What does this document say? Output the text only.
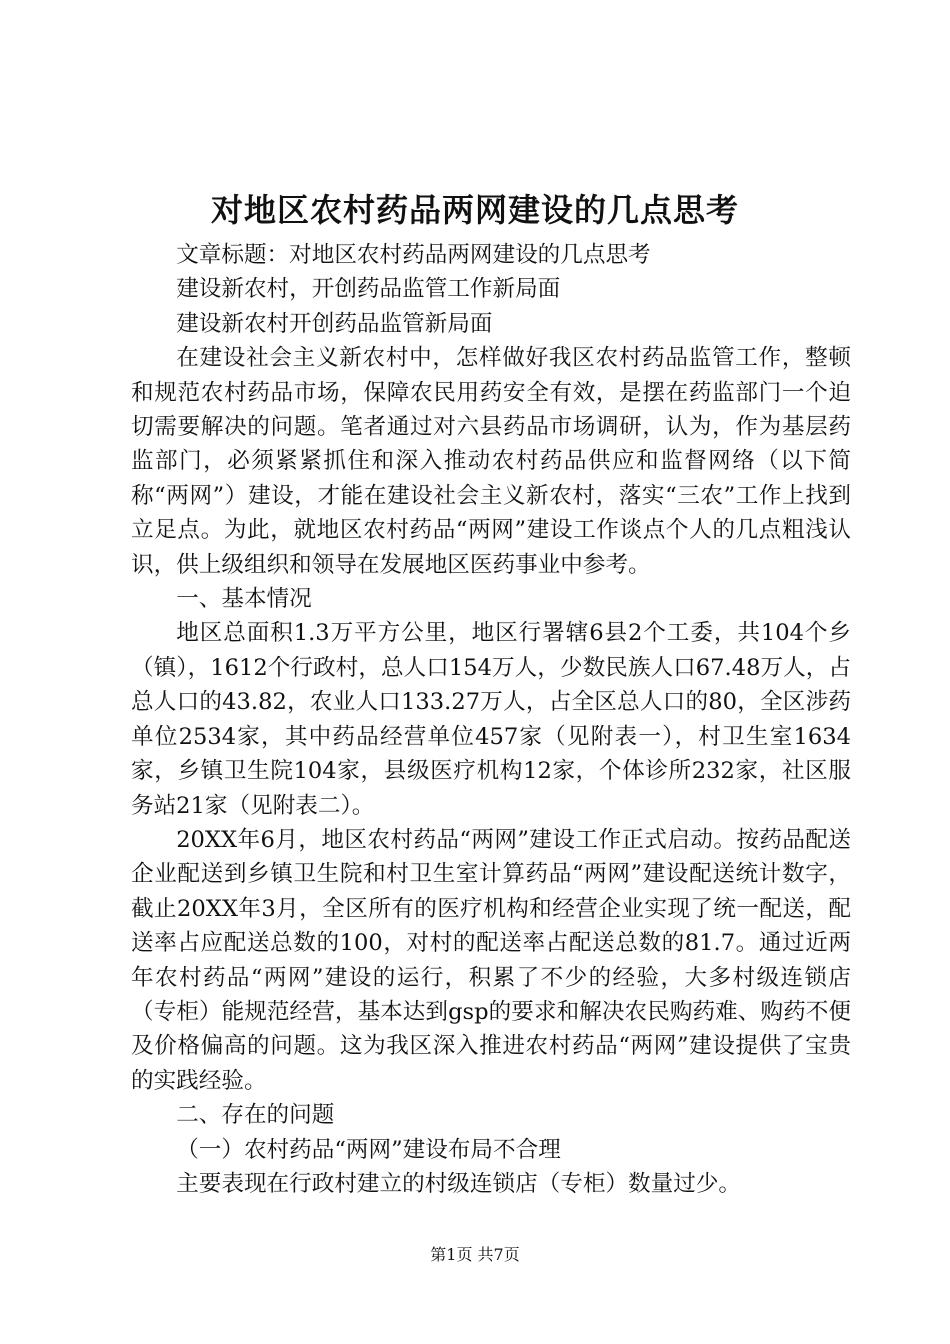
对地区农村药品两网建设的几点思考

文章标题：对地区农村药品两网建设的几点思考

建设新农村，开创药品监管工作新局面

建设新农村开创药品监管新局面

在建设社会主义新农村中，怎样做好我区农村药品监管工作，整顿和规范农村药品市场，保障农民用药安全有效，是摆在药监部门一个迫切需要解决的问题。笔者通过对六县药品市场调研，认为，作为基层药监部门，必须紧紧抓住和深入推动农村药品供应和监督网络（以下简称“两网”）建设，才能在建设社会主义新农村，落实“三农”工作上找到立足点。为此，就地区农村药品“两网”建设工作谈点个人的几点粗浅认识，供上级组织和领导在发展地区医药事业中参考。

一、基本情况

地区总面积1.3万平方公里，地区行署辖6县2个工委，共104个乡（镇），1612个行政村，总人口154万人，少数民族人口67.48万人，占总人口的43.82，农业人口133.27万人，占全区总人口的80，全区涉药单位2534家，其中药品经营单位457家（见附表一），村卫生室1634家，乡镇卫生院104家，县级医疗机构12家，个体诊所232家，社区服务站21家（见附表二）。

20XX年6月，地区农村药品“两网”建设工作正式启动。按药品配送企业配送到乡镇卫生院和村卫生室计算药品“两网”建设配送统计数字，截止20XX年3月，全区所有的医疗机构和经营企业实现了统一配送，配送率占应配送总数的100，对村的配送率占配送总数的81.7。通过近两年农村药品“两网”建设的运行，积累了不少的经验，大多村级连锁店（专柜）能规范经营，基本达到gsp的要求和解决农民购药难、购药不便及价格偏高的问题。这为我区深入推进农村药品“两网”建设提供了宝贵的实践经验。

二、存在的问题

（一）农村药品“两网”建设布局不合理

主要表现在行政村建立的村级连锁店（专柜）数量过少。

第1页 共7页
